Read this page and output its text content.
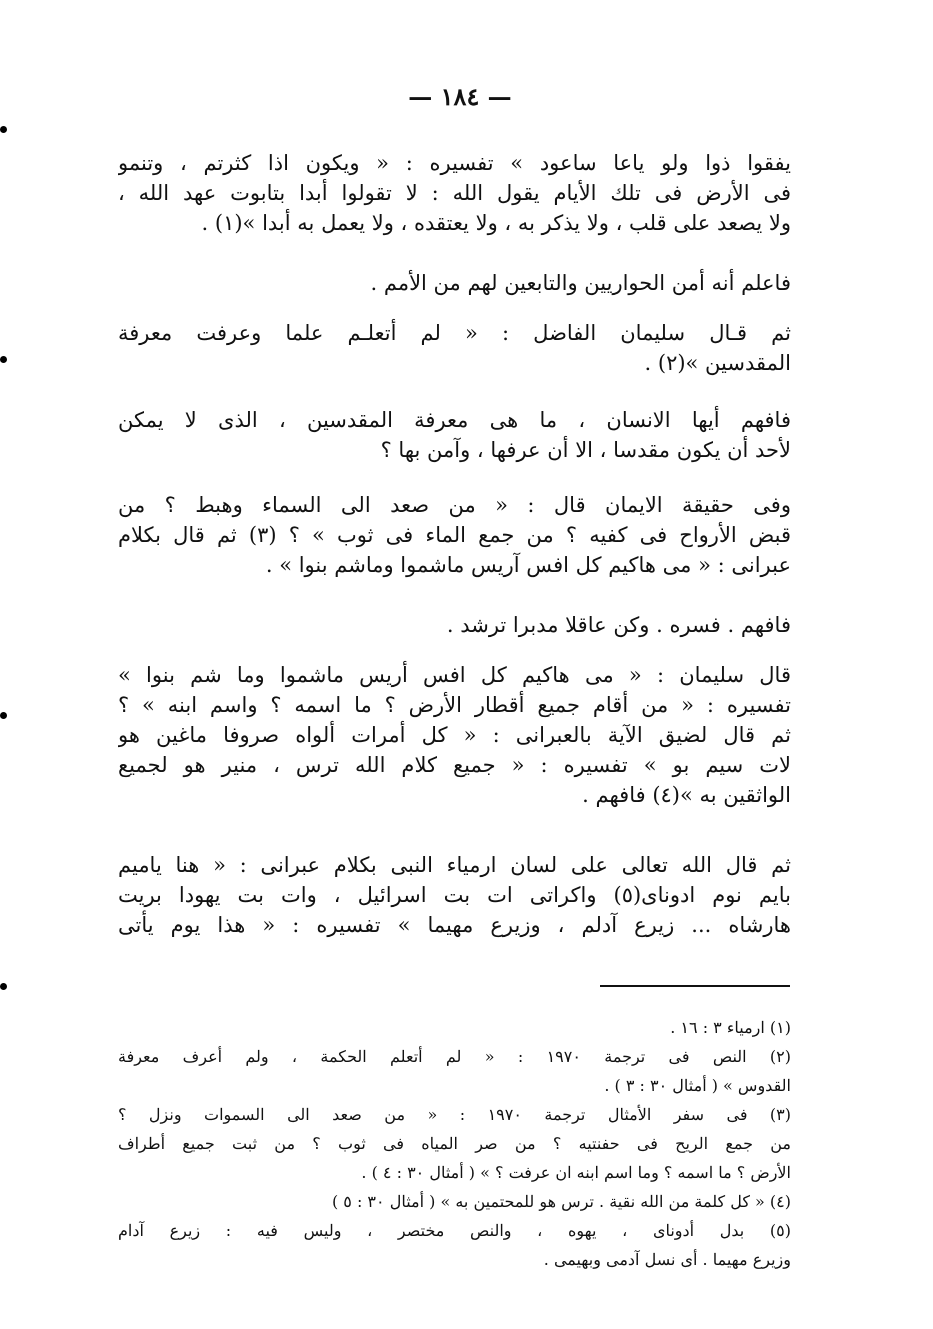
— ١٨٤ —
يفقوا ذوا ولو ياعا ساعود » تفسيره : « ويكون اذا كثرتم ، وتنمو
فى الأرض فى تلك الأيام يقول الله : لا تقولوا أبدا بتابوت عهد الله ،
ولا يصعد على قلب ، ولا يذكر به ، ولا يعتقده ، ولا يعمل به أبدا »(١) .
فاعلم أنه أمن الحواريين والتابعين لهم من الأمم .
ثم قـال سليمان الفاضل : « لم أتعلـم علما وعرفت معرفة
المقدسين »(٢) .
فافهم أيها الانسان ، ما هى معرفة المقدسين ، الذى لا يمكن
لأحد أن يكون مقدسا ، الا أن عرفها ، وآمن بها ؟
وفى حقيقة الايمان قال : « من صعد الى السماء وهبط ؟ من
قبض الأرواح فى كفيه ؟ من جمع الماء فى ثوب » ؟ (٣) ثم قال بكلام
عبرانى : « مى هاكيم كل افس آريس ماشموا وماشم بنوا » .
فافهم . فسره . وكن عاقلا مدبرا ترشد .
قال سليمان : « مى هاكيم كل افس أريس ماشموا وما شم بنوا »
تفسيره : « من أقام جميع أقطار الأرض ؟ ما اسمه ؟ واسم ابنه » ؟
ثم قال لضيق الآية بالعبرانى : « كل أمرات ألواه صروفا ماغين هو
لات سيم بو » تفسيره : « جميع كلام الله ترس ، منير هو لجميع
الواثقين به »(٤) فافهم .
ثم قال الله تعالى على لسان ارمياء النبى بكلام عبرانى : « هنا ياميم
بايم نوم ادوناى(٥) واكراتى ات بت اسرائيل ، وات بت يهودا بريت
هارشاه ... زيرع آدلم ، وزيرع مهيما » تفسيره : « هذا يوم يأتى
(١) ارمياء ٣ : ١٦ .
(٢) النص فى ترجمة ١٩٧٠ : « لم أتعلم الحكمة ، ولم أعرف معرفة
القدوس » ( أمثال ٣٠ : ٣ ) .
(٣) فى سفر الأمثال ترجمة ١٩٧٠ : « من صعد الى السموات ونزل ؟
من جمع الريح فى حفنتيه ؟ من صر المياه فى ثوب ؟ من ثبت جميع أطراف
الأرض ؟ ما اسمه ؟ وما اسم ابنه ان عرفت ؟ » ( أمثال ٣٠ : ٤ ) .
(٤) « كل كلمة من الله نقية . ترس هو للمحتمين به » ( أمثال ٣٠ : ٥ )
(٥) بدل أدوناى ، يهوه ، والنص مختصر ، وليس فيه : زيرع آدام
وزيرع مهيما . أى نسل آدمى وبهيمى .
